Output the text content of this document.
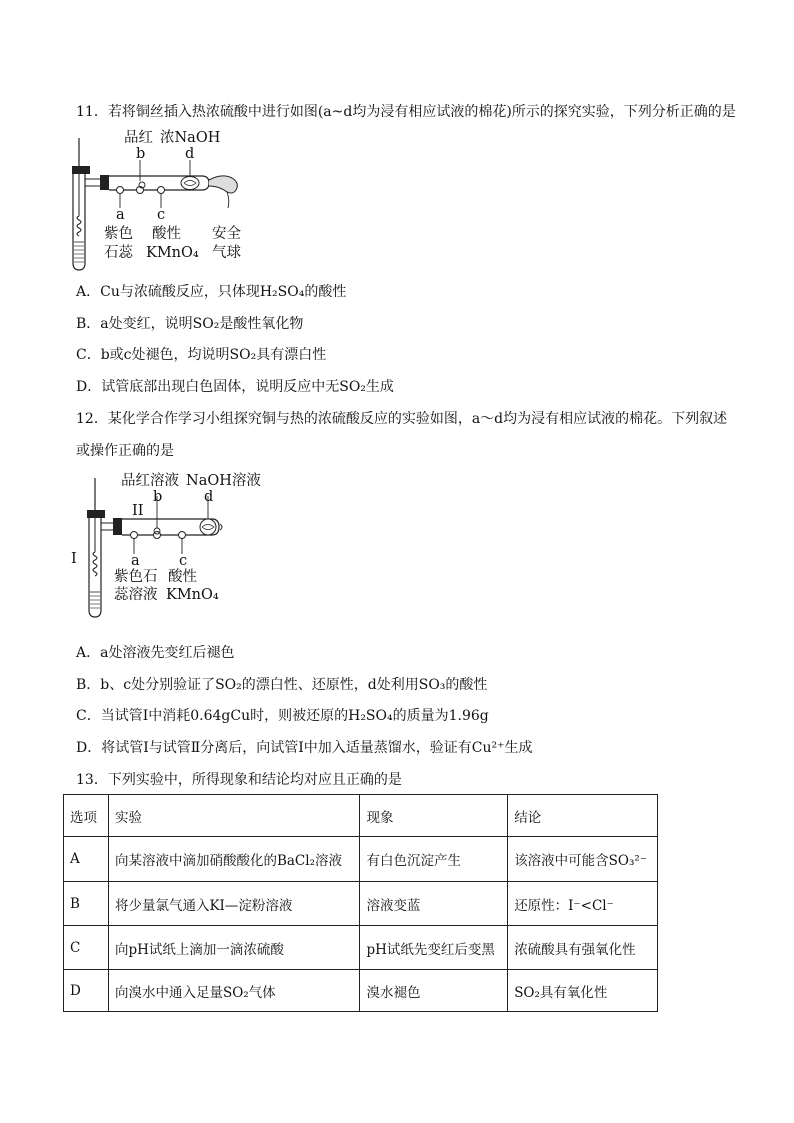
11．若将铜丝插入热浓硫酸中进行如图(a~d均为浸有相应试液的棉花)所示的探究实验，下列分析正确的是
品红 浓NaOH
b	d
a c
紫色
石蕊
酸性
KMnO₄
安全
气球
A．Cu与浓硫酸反应，只体现H₂SO₄的酸性
B．a处变红，说明SO₂是酸性氧化物
C．b或c处褪色，均说明SO₂具有漂白性
D．试管底部出现白色固体，说明反应中无SO₂生成
12．某化学合作学习小组探究铜与热的浓硫酸反应的实验如图，a～d均为浸有相应试液的棉花。下列叙述
或操作正确的是
品红溶液 NaOH溶液
b	d
II
I	a	c
紫色石
蕊溶液
酸性
KMnO₄
A．a处溶液先变红后褪色
B．b、c处分别验证了SO₂的漂白性、还原性，d处利用SO₃的酸性
C．当试管Ⅰ中消耗0.64gCu时，则被还原的H₂SO₄的质量为1.96g
D．将试管Ⅰ与试管Ⅱ分离后，向试管Ⅰ中加入适量蒸馏水，验证有Cu²⁺生成
13．下列实验中，所得现象和结论均对应且正确的是
选项	实验	现象	结论
A	向某溶液中滴加硝酸酸化的BaCl₂溶液	有白色沉淀产生	该溶液中可能含SO₃²⁻
B	将少量氯气通入KI—淀粉溶液	溶液变蓝	还原性：I⁻<Cl⁻
C	向pH试纸上滴加一滴浓硫酸	pH试纸先变红后变黑	浓硫酸具有强氧化性
D	向溴水中通入足量SO₂气体	溴水褪色	SO₂具有氧化性
